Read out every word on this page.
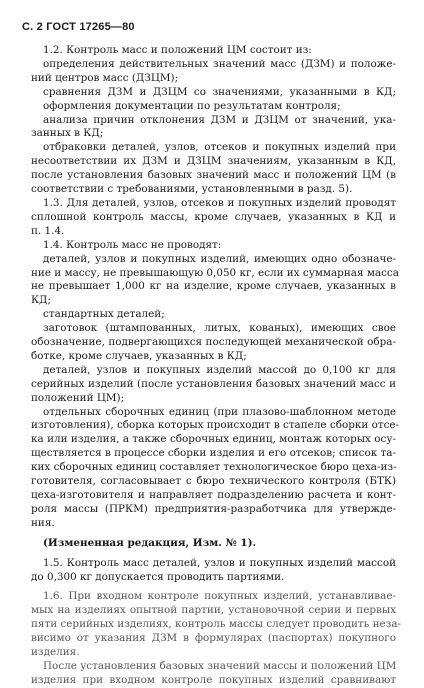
С. 2 ГОСТ 17265—80
1.2. Контроль масс и положений ЦМ состоит из:
определения действительных значений масс (ДЗМ) и положе-
ний центров масс (ДЗЦМ);
сравнения ДЗМ и ДЗЦМ со значениями, указанными в КД;
оформления документации по результатам контроля;
анализа причин отклонения ДЗМ и ДЗЦМ от значений, ука-
занных в КД;
отбраковки деталей, узлов, отсеков и покупных изделий при
несоответствии их ДЗМ и ДЗЦМ значениям, указанным в КД,
после установления базовых значений масс и положений ЦМ (в
соответствии с требованиями, установленными в разд. 5).
1.3. Для деталей, узлов, отсеков и покупных изделий проводят
сплошной контроль массы, кроме случаев, указанных в КД и
п. 1.4.
1.4. Контроль масс не проводят:
деталей, узлов и покупных изделий, имеющих одно обозначе-
ние и массу, не превышающую 0,050 кг, если их суммарная масса
не превышает 1,000 кг на изделие, кроме случаев, указанных в
КД;
стандартных деталей;
заготовок (штампованных, литых, кованых), имеющих свое
обозначение, подвергающихся последующей механической обра-
ботке, кроме случаев, указанных в КД;
деталей, узлов и покупных изделий массой до 0,100 кг для
серийных изделий (после установления базовых значений масс и
положений ЦМ);
отдельных сборочных единиц (при плазово-шаблонном методе
изготовления), сборка которых происходит в стапеле сборки отсе-
ка или изделия, а также сборочных единиц, монтаж которых осу-
ществляется в процессе сборки изделия и его отсеков; список та-
ких сборочных единиц составляет технологическое бюро цеха-из-
готовителя, согласовывает с бюро технического контроля (БТК)
цеха-изготовителя и направляет подразделению расчета и конт-
роля массы (ПРКМ) предприятия-разработчика для утвержде-
ния.
(Измененная редакция, Изм. № 1).
1.5. Контроль масс деталей, узлов и покупных изделий массой
до 0,300 кг допускается проводить партиями.
1.6. При входном контроле покупных изделий, устанавливае-
мых на изделиях опытной партии, установочной серии и первых
пяти серийных изделиях, контроль массы следует проводить неза-
висимо от указания ДЗМ в формулярах (паспортах) покупного
изделия.
После установления базовых значений массы и положений ЦМ
изделия при входном контроле покупных изделий сравнивают
